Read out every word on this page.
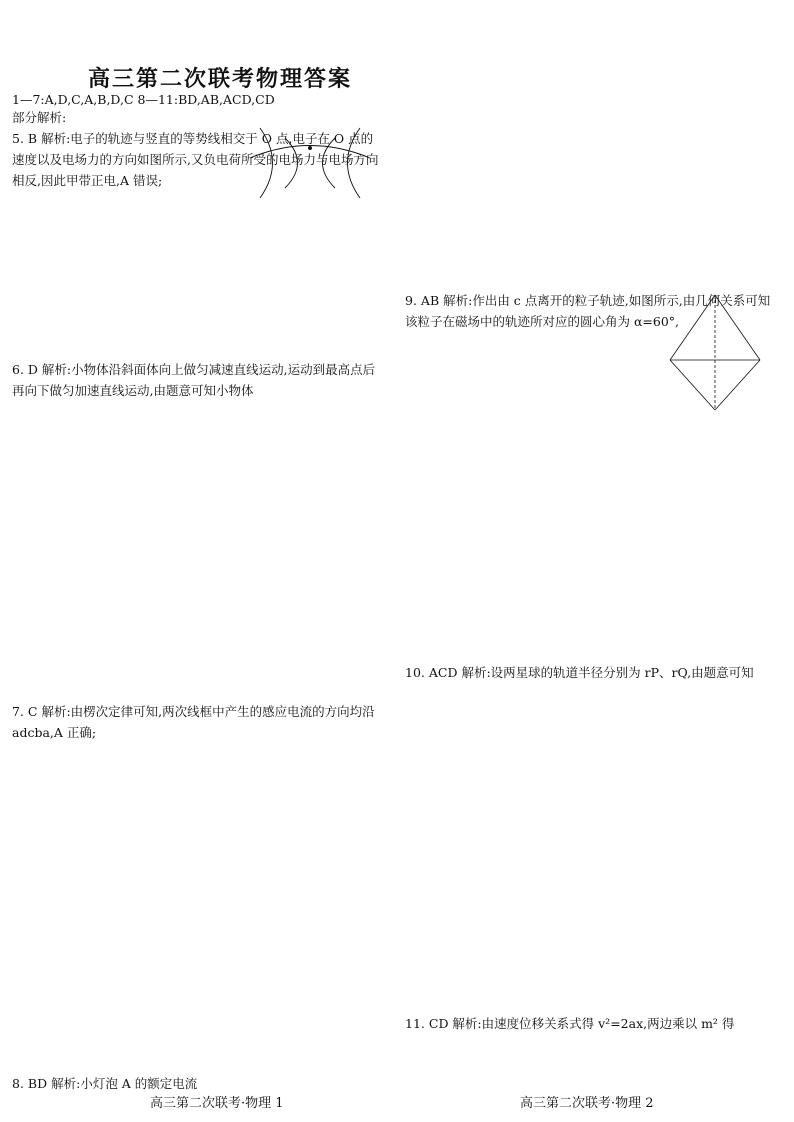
高三第二次联考物理答案
1—7:A,D,C,A,B,D,C 8—11:BD,AB,ACD,CD
部分解析:
5. B 解析:电子的轨迹与竖直的等势线相交于 O 点,电子在 O 点的速度以及电场力的方向如图所示,又负电荷所受的电场力与电场方向相反,因此甲带正电,A 错误;
6. D 解析:小物体沿斜面体向上做匀减速直线运动,运动到最高点后再向下做匀加速直线运动,由题意可知小物体
7. C 解析:由楞次定律可知,两次线框中产生的感应电流的方向均沿 adcba,A 正确;
8. BD 解析:小灯泡 A 的额定电流
9. AB 解析:作出由 c 点离开的粒子轨迹,如图所示,由几何关系可知该粒子在磁场中的轨迹所对应的圆心角为 α=60°,
10. ACD 解析:设两星球的轨道半径分别为 rP、rQ,由题意可知
11. CD 解析:由速度位移关系式得 v²=2ax,两边乘以 m² 得
高三第二次联考·物理 1	高三第二次联考·物理 2
